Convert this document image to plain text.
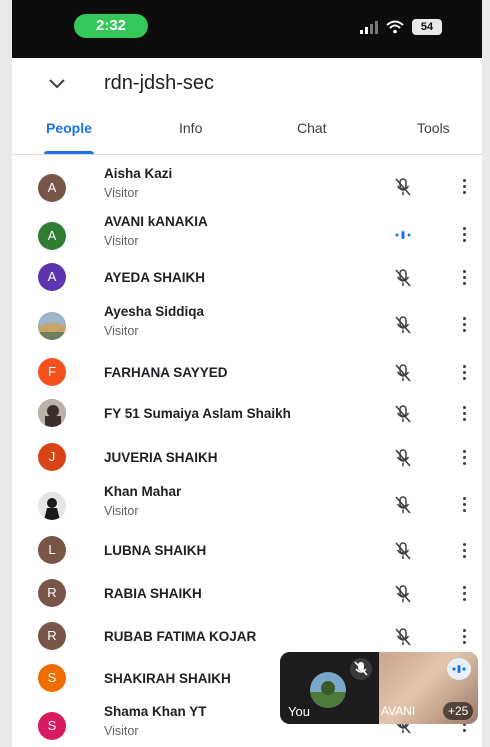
2:32	54
rdn-jdsh-sec
People	Info	Chat	Tools
A
Aisha Kazi
Visitor
A
AVANI kANAKIA
Visitor
A	AYEDA SHAIKH
Ayesha Siddiqa
Visitor
F	FARHANA SAYYED
FY 51 Sumaiya Aslam Shaikh
J	JUVERIA SHAIKH
Khan Mahar
Visitor
L	LUBNA SHAIKH
R	RABIA SHAIKH
R	RUBAB FATIMA KOJAR
S	SHAKIRAH SHAIKH
S
Shama Khan YT
Visitor
You	AVANI	+25
